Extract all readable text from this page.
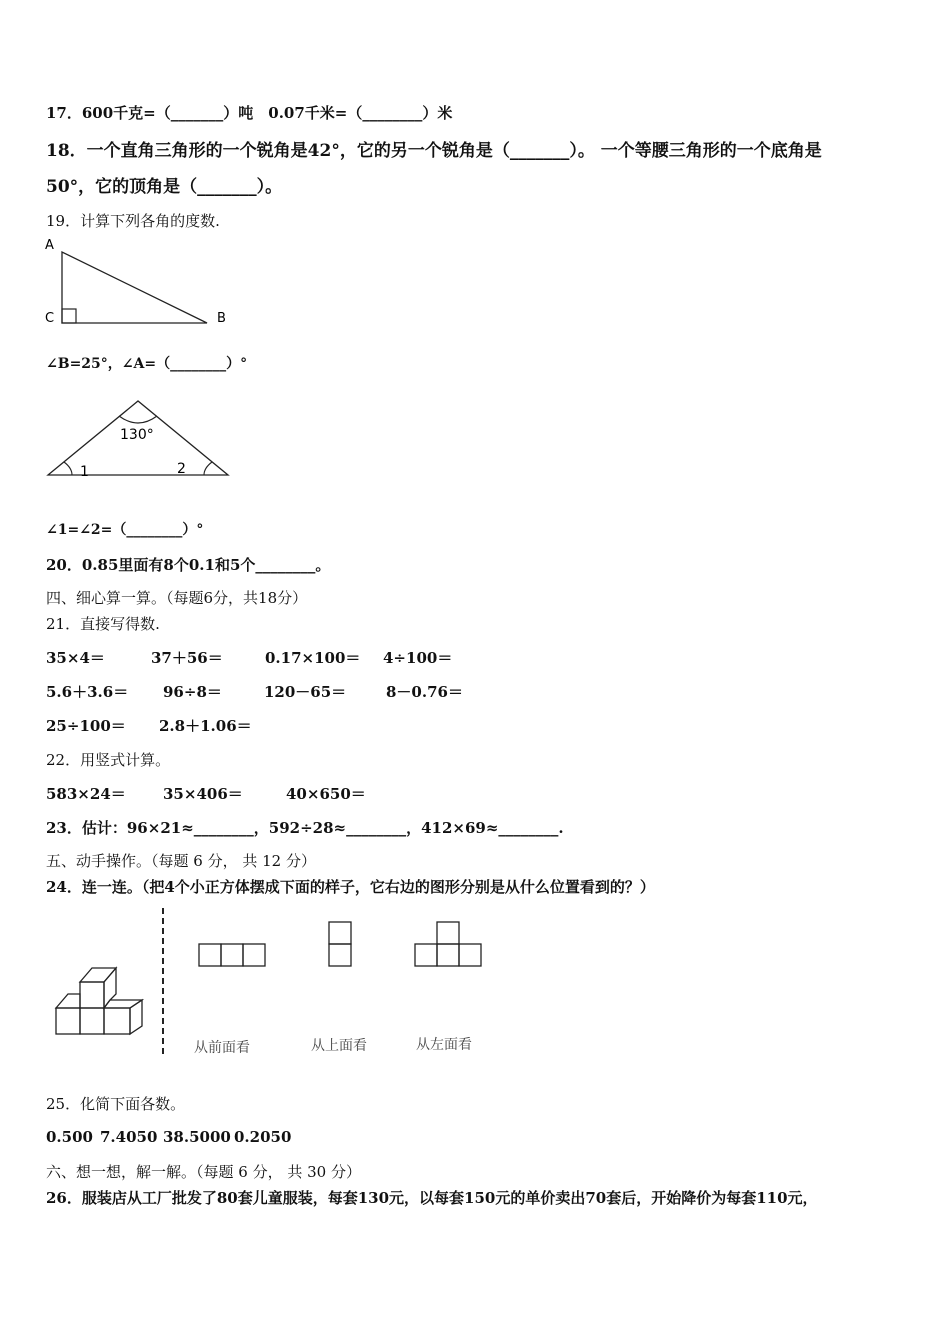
17．600千克=（_______）吨　0.07千米=（________）米
18．一个直角三角形的一个锐角是42°，它的另一个锐角是（_______）。 一个等腰三角形的一个底角是
50°，它的顶角是（_______）。
19．计算下列各角的度数.
A
C	B
∠B=25°，∠A=（________）°
130°
1	2
∠1=∠2=（________）°
20．0.85里面有8个0.1和5个________。
四、细心算一算。（每题6分，共18分）
21．直接写得数.
35×4＝	37＋56＝	0.17×100＝ 4÷100＝
5.6＋3.6＝ 96÷8＝	120－65＝	8－0.76＝
25÷100＝ 2.8＋1.06＝
22．用竖式计算。
583×24＝ 35×406＝	40×650＝
23．估计：96×21≈________，592÷28≈________，412×69≈________.
五、动手操作。（每题 6 分， 共 12 分）
24．连一连。（把4个小正方体摆成下面的样子，它右边的图形分别是从什么位置看到的？）
从前面看	从上面看	从左面看
25．化简下面各数。
0.500 7.4050 38.5000 0.2050
六、想一想，解一解。（每题 6 分， 共 30 分）
26．服装店从工厂批发了80套儿童服装，每套130元，以每套150元的单价卖出70套后，开始降价为每套110元，
